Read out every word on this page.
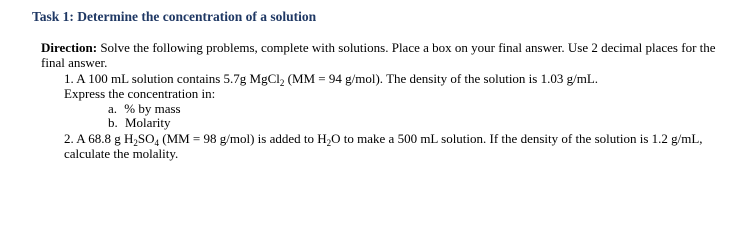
Task 1: Determine the concentration of a solution
Direction: Solve the following problems, complete with solutions. Place a box on your final answer. Use 2 decimal places for the
final answer.
1. A 100 mL solution contains 5.7g MgCl$_2$ (MM = 94 g/mol). The density of the solution is 1.03 g/mL.
Express the concentration in:
a. % by mass
b. Molarity
2. A 68.8 g $H_2SO_4$ (MM = 98 g/mol) is added to $H_2O$ to make a 500 mL solution. If the density of the solution is 1.2 g/mL,
calculate the molality.
